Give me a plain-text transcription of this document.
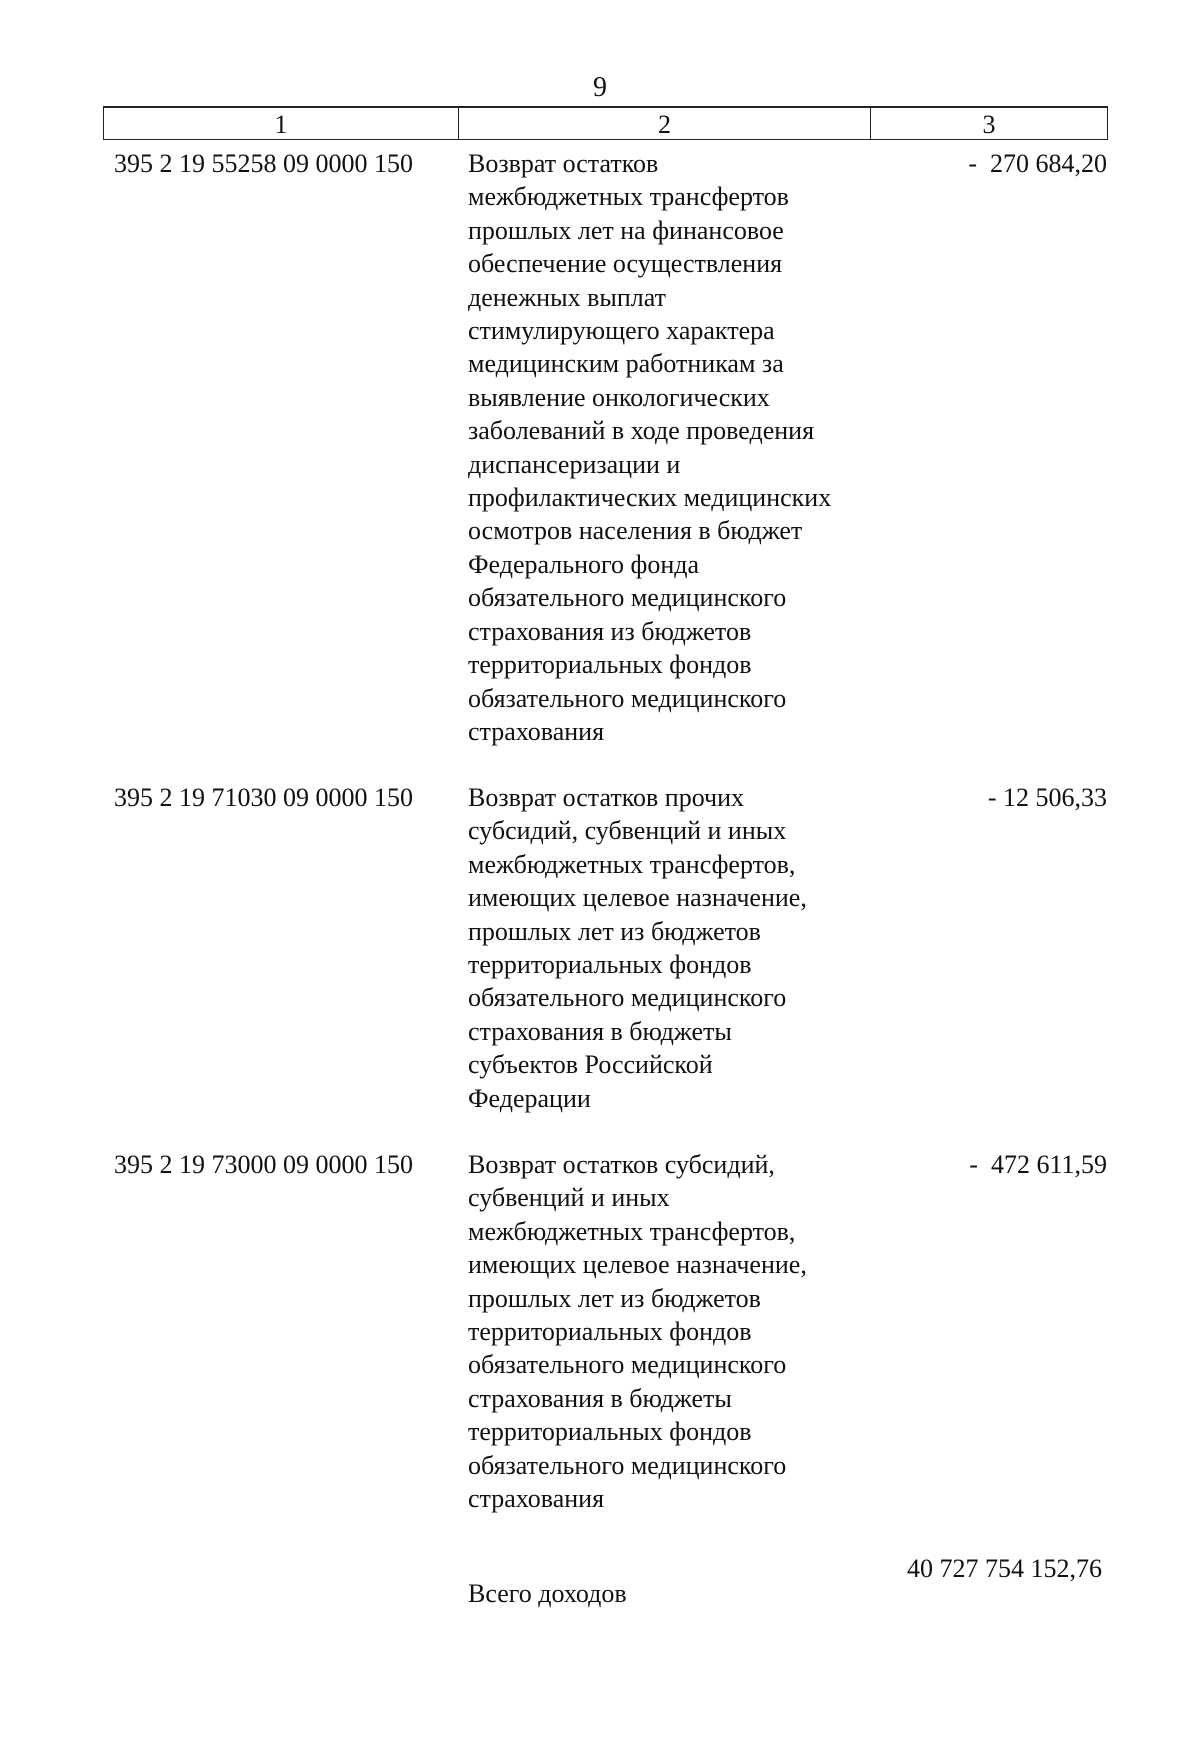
9
1	2	3
395 2 19 55258 09 0000 150 Возврат остатков
межбюджетных трансфертов
прошлых лет на финансовое
обеспечение осуществления
денежных выплат
стимулирующего характера
медицинским работникам за
выявление онкологических
заболеваний в ходе проведения
диспансеризации и
профилактических медицинских
осмотров населения в бюджет
Федерального фонда
обязательного медицинского
страхования из бюджетов
территориальных фондов
обязательного медицинского
страхования
-  270 684,20
395 2 19 71030 09 0000 150 Возврат остатков прочих
субсидий, субвенций и иных
межбюджетных трансфертов,
имеющих целевое назначение,
прошлых лет из бюджетов
территориальных фондов
обязательного медицинского
страхования в бюджеты
субъектов Российской
Федерации
- 12 506,33
395 2 19 73000 09 0000 150 Возврат остатков субсидий,
субвенций и иных
межбюджетных трансфертов,
имеющих целевое назначение,
прошлых лет из бюджетов
территориальных фондов
обязательного медицинского
страхования в бюджеты
территориальных фондов
обязательного медицинского
страхования
-  472 611,59
40 727 754 152,76
Всего доходов
